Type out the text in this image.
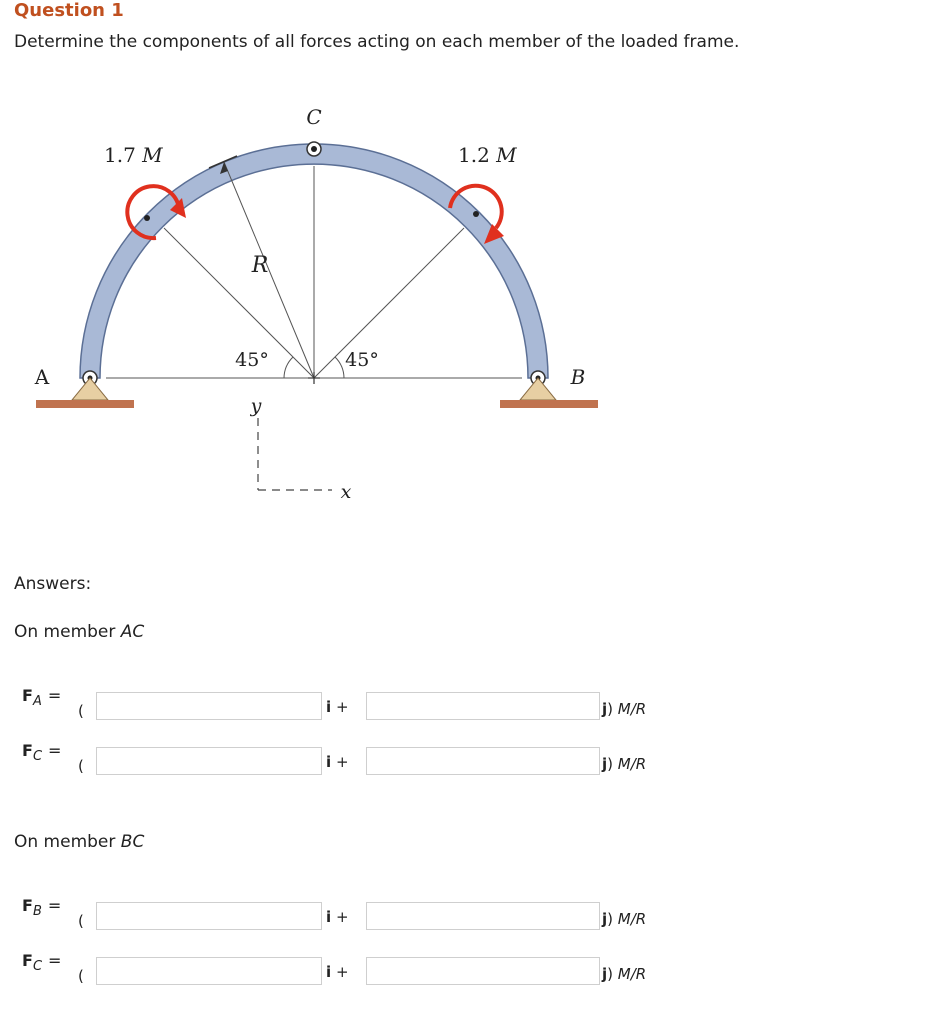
Question 1
Determine the components of all forces acting on each member of the loaded frame.
C
A	B
1.7 M	1.2 M
R
45°	45°
y
x
Answers:
On member AC
$F_A$ =
(	i +	j) M/R
$F_C$ =
(	i +	j) M/R
On member BC
$F_B$ =
(	i +	j) M/R
$F_C$ =
(	i +	j) M/R
